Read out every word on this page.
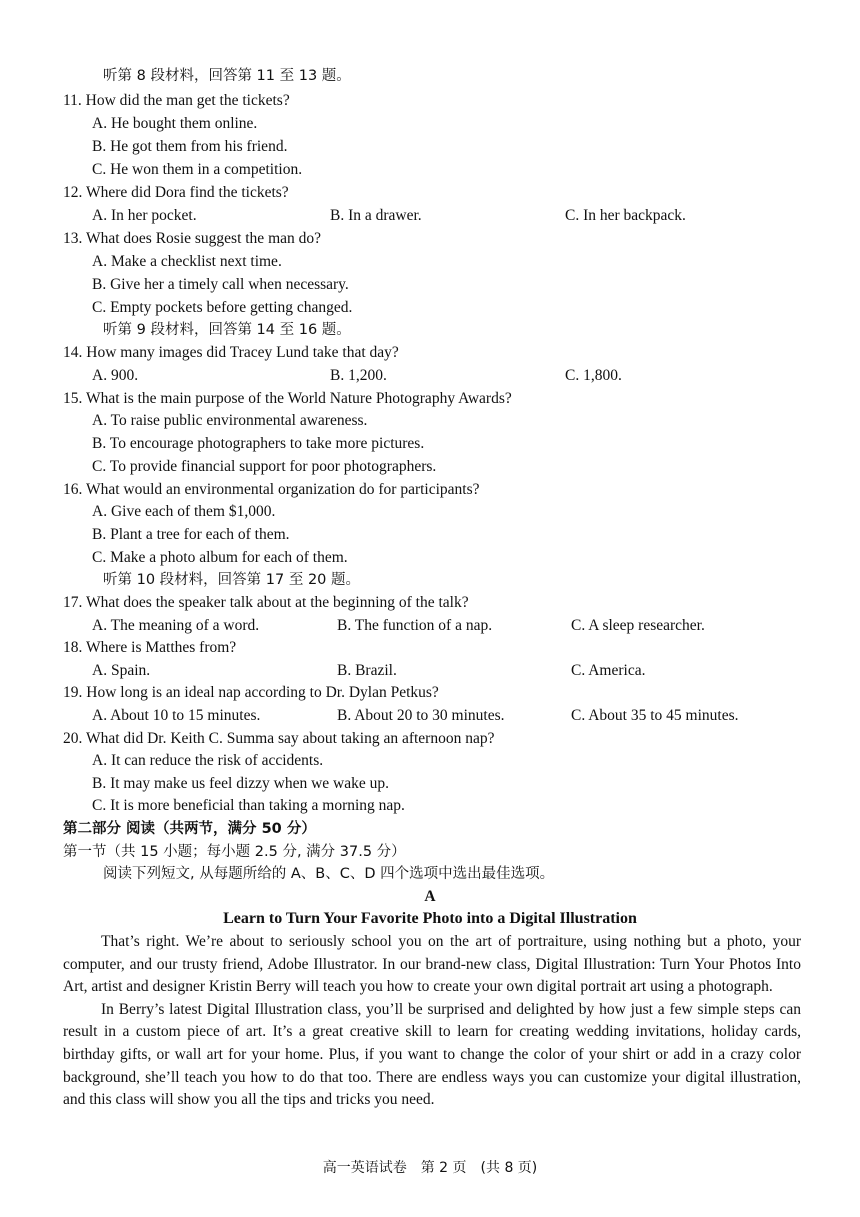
听第 8 段材料，回答第 11 至 13 题。
11. How did the man get the tickets?
A. He bought them online.
B. He got them from his friend.
C. He won them in a competition.
12. Where did Dora find the tickets?
A. In her pocket.	B. In a drawer.	C. In her backpack.
13. What does Rosie suggest the man do?
A. Make a checklist next time.
B. Give her a timely call when necessary.
C. Empty pockets before getting changed.
听第 9 段材料，回答第 14 至 16 题。
14. How many images did Tracey Lund take that day?
A. 900.	B. 1,200.	C. 1,800.
15. What is the main purpose of the World Nature Photography Awards?
A. To raise public environmental awareness.
B. To encourage photographers to take more pictures.
C. To provide financial support for poor photographers.
16. What would an environmental organization do for participants?
A. Give each of them $1,000.
B. Plant a tree for each of them.
C. Make a photo album for each of them.
听第 10 段材料，回答第 17 至 20 题。
17. What does the speaker talk about at the beginning of the talk?
A. The meaning of a word.	B. The function of a nap.	C. A sleep researcher.
18. Where is Matthes from?
A. Spain.	B. Brazil.	C. America.
19. How long is an ideal nap according to Dr. Dylan Petkus?
A. About 10 to 15 minutes.	B. About 20 to 30 minutes.	C. About 35 to 45 minutes.
20. What did Dr. Keith C. Summa say about taking an afternoon nap?
A. It can reduce the risk of accidents.
B. It may make us feel dizzy when we wake up.
C. It is more beneficial than taking a morning nap.
第二部分 阅读（共两节，满分 50 分）
第一节（共 15 小题；每小题 2.5 分, 满分 37.5 分）
阅读下列短文, 从每题所给的 A、B、C、D 四个选项中选出最佳选项。
A
Learn to Turn Your Favorite Photo into a Digital Illustration

That’s right. We’re about to seriously school you on the art of portraiture, using nothing but a photo, your computer, and our trusty friend, Adobe Illustrator. In our brand-new class, Digital Illustration: Turn Your Photos Into Art, artist and designer Kristin Berry will teach you how to create your own digital portrait art using a photograph.

In Berry’s latest Digital Illustration class, you’ll be surprised and delighted by how just a few simple steps can result in a custom piece of art. It’s a great creative skill to learn for creating wedding invitations, holiday cards, birthday gifts, or wall art for your home. Plus, if you want to change the color of your shirt or add in a crazy color background, she’ll teach you how to do that too. There are endless ways you can customize your digital illustration, and this class will show you all the tips and tricks you need.

高一英语试卷　第 2 页　(共 8 页)
